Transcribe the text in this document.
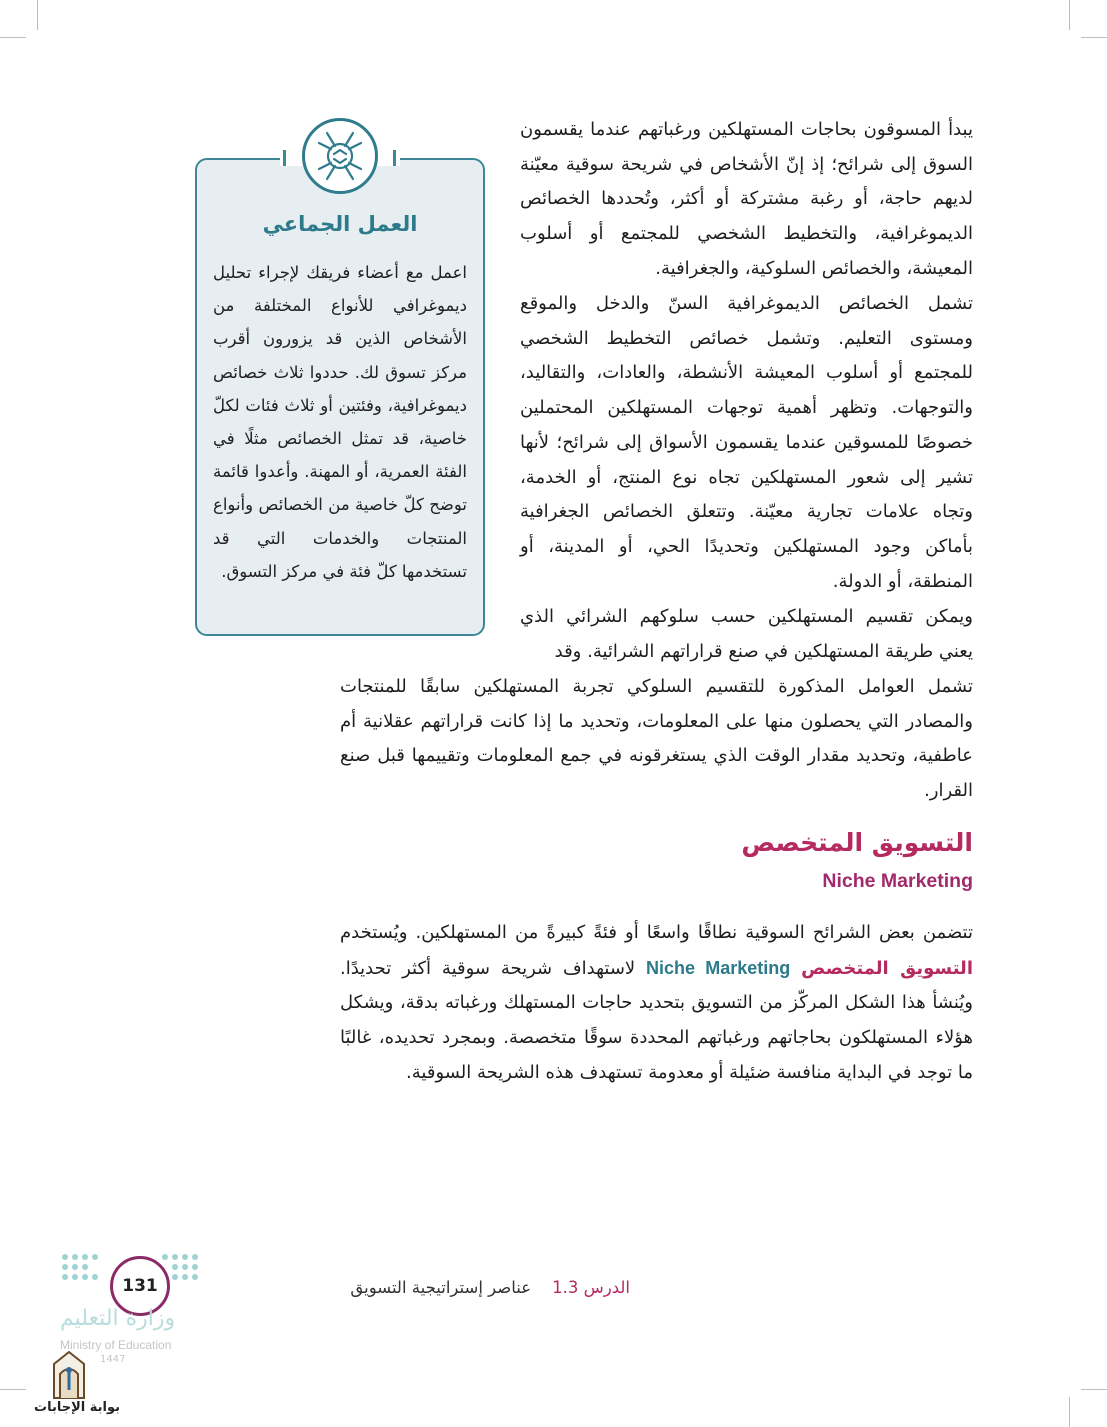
يبدأ المسوقون بحاجات المستهلكين ورغباتهم عندما يقسمون السوق إلى شرائح؛ إذ إنّ الأشخاص في شريحة سوقية معيّنة لديهم حاجة، أو رغبة مشتركة أو أكثر، وتُحددها الخصائص الديموغرافية، والتخطيط الشخصي للمجتمع أو أسلوب المعيشة، والخصائص السلوكية، والجغرافية.

تشمل الخصائص الديموغرافية السنّ والدخل والموقع ومستوى التعليم. وتشمل خصائص التخطيط الشخصي للمجتمع أو أسلوب المعيشة الأنشطة، والعادات، والتقاليد، والتوجهات. وتظهر أهمية توجهات المستهلكين المحتملين خصوصًا للمسوقين عندما يقسمون الأسواق إلى شرائح؛ لأنها تشير إلى شعور المستهلكين تجاه نوع المنتج، أو الخدمة، وتجاه علامات تجارية معيّنة. وتتعلق الخصائص الجغرافية بأماكن وجود المستهلكين وتحديدًا الحي، أو المدينة، أو المنطقة، أو الدولة.

ويمكن تقسيم المستهلكين حسب سلوكهم الشرائي الذي يعني طريقة المستهلكين في صنع قراراتهم الشرائية. وقد

تشمل العوامل المذكورة للتقسيم السلوكي تجربة المستهلكين سابقًا للمنتجات والمصادر التي يحصلون منها على المعلومات، وتحديد ما إذا كانت قراراتهم عقلانية أم عاطفية، وتحديد مقدار الوقت الذي يستغرقونه في جمع المعلومات وتقييمها قبل صنع القرار.

العمل الجماعي

اعمل مع أعضاء فريقك لإجراء تحليل ديموغرافي للأنواع المختلفة من الأشخاص الذين قد يزورون أقرب مركز تسوق لك. حددوا ثلاث خصائص ديموغرافية، وفئتين أو ثلاث فئات لكلّ خاصية، قد تمثل الخصائص مثلًا في الفئة العمرية، أو المهنة. وأعدوا قائمة توضح كلّ خاصية من الخصائص وأنواع المنتجات والخدمات التي قد تستخدمها كلّ فئة في مركز التسوق.

التسويق المتخصص
Niche Marketing

تتضمن بعض الشرائح السوقية نطاقًا واسعًا أو فئةً كبيرةً من المستهلكين. ويُستخدم التسويق المتخصص Niche Marketing لاستهداف شريحة سوقية أكثر تحديدًا. ويُنشأ هذا الشكل المركّز من التسويق بتحديد حاجات المستهلك ورغباته بدقة، ويشكل هؤلاء المستهلكون بحاجاتهم ورغباتهم المحددة سوقًا متخصصة. وبمجرد تحديده، غالبًا ما توجد في البداية منافسة ضئيلة أو معدومة تستهدف هذه الشريحة السوقية.

الدرس 1.3    عناصر إستراتيجية التسويق
131
وزارة التعليم
Ministry of Education
1447
بوابة الإجابات
